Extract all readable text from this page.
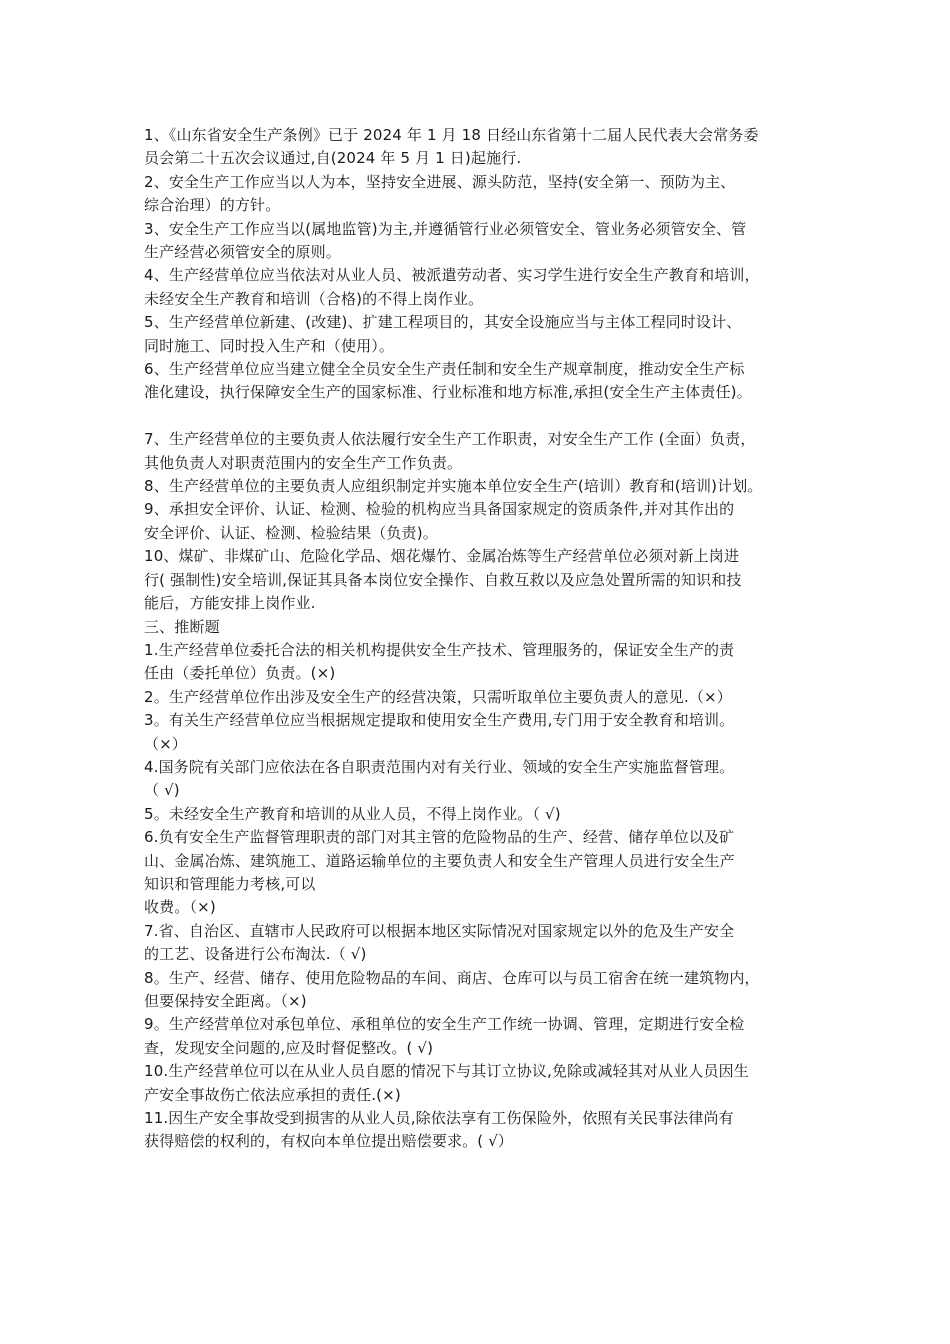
1、《山东省安全生产条例》已于 2024 年 1 月 18 日经山东省第十二届人民代表大会常务委
员会第二十五次会议通过,自(2024 年 5 月 1 日)起施行.
2、安全生产工作应当以人为本，坚持安全进展、源头防范，坚持(安全第一、预防为主、
综合治理）的方针。
3、安全生产工作应当以(属地监管)为主,并遵循管行业必须管安全、管业务必须管安全、管
生产经营必须管安全的原则。
4、生产经营单位应当依法对从业人员、被派遣劳动者、实习学生进行安全生产教育和培训，
未经安全生产教育和培训（合格)的不得上岗作业。
5、生产经营单位新建、(改建)、扩建工程项目的，其安全设施应当与主体工程同时设计、
同时施工、同时投入生产和（使用）。
6、生产经营单位应当建立健全全员安全生产责任制和安全生产规章制度，推动安全生产标
准化建设，执行保障安全生产的国家标准、行业标准和地方标准,承担(安全生产主体责任)。
7、生产经营单位的主要负责人依法履行安全生产工作职责，对安全生产工作 (全面）负责，
其他负责人对职责范围内的安全生产工作负责。
8、生产经营单位的主要负责人应组织制定并实施本单位安全生产(培训）教育和(培训)计划。
9、承担安全评价、认证、检测、检验的机构应当具备国家规定的资质条件,并对其作出的
安全评价、认证、检测、检验结果（负责)。
10、煤矿、非煤矿山、危险化学品、烟花爆竹、金属冶炼等生产经营单位必须对新上岗进
行( 强制性)安全培训,保证其具备本岗位安全操作、自救互救以及应急处置所需的知识和技
能后，方能安排上岗作业.
三、推断题
1.生产经营单位委托合法的相关机构提供安全生产技术、管理服务的，保证安全生产的责
任由（委托单位）负责。(×)
2。生产经营单位作出涉及安全生产的经营决策，只需听取单位主要负责人的意见.（×）
3。有关生产经营单位应当根据规定提取和使用安全生产费用,专门用于安全教育和培训。
（×）
4.国务院有关部门应依法在各自职责范围内对有关行业、领域的安全生产实施监督管理。
（ √)
5。未经安全生产教育和培训的从业人员，不得上岗作业。（ √)
6.负有安全生产监督管理职责的部门对其主管的危险物品的生产、经营、储存单位以及矿
山、金属冶炼、建筑施工、道路运输单位的主要负责人和安全生产管理人员进行安全生产
知识和管理能力考核,可以
收费。（×)
7.省、自治区、直辖市人民政府可以根据本地区实际情况对国家规定以外的危及生产安全
的工艺、设备进行公布淘汰.（ √)
8。生产、经营、储存、使用危险物品的车间、商店、仓库可以与员工宿舍在统一建筑物内，
但要保持安全距离。（×)
9。生产经营单位对承包单位、承租单位的安全生产工作统一协调、管理，定期进行安全检
查，发现安全问题的,应及时督促整改。( √)
10.生产经营单位可以在从业人员自愿的情况下与其订立协议,免除或减轻其对从业人员因生
产安全事故伤亡依法应承担的责任.(×)
11.因生产安全事故受到损害的从业人员,除依法享有工伤保险外，依照有关民事法律尚有
获得赔偿的权利的，有权向本单位提出赔偿要求。( √）
